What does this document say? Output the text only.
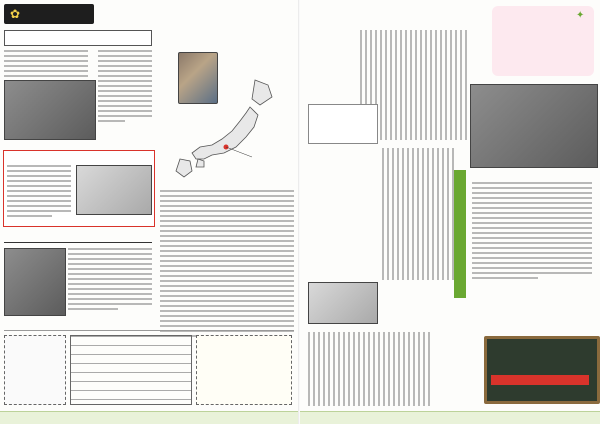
✿	✦
